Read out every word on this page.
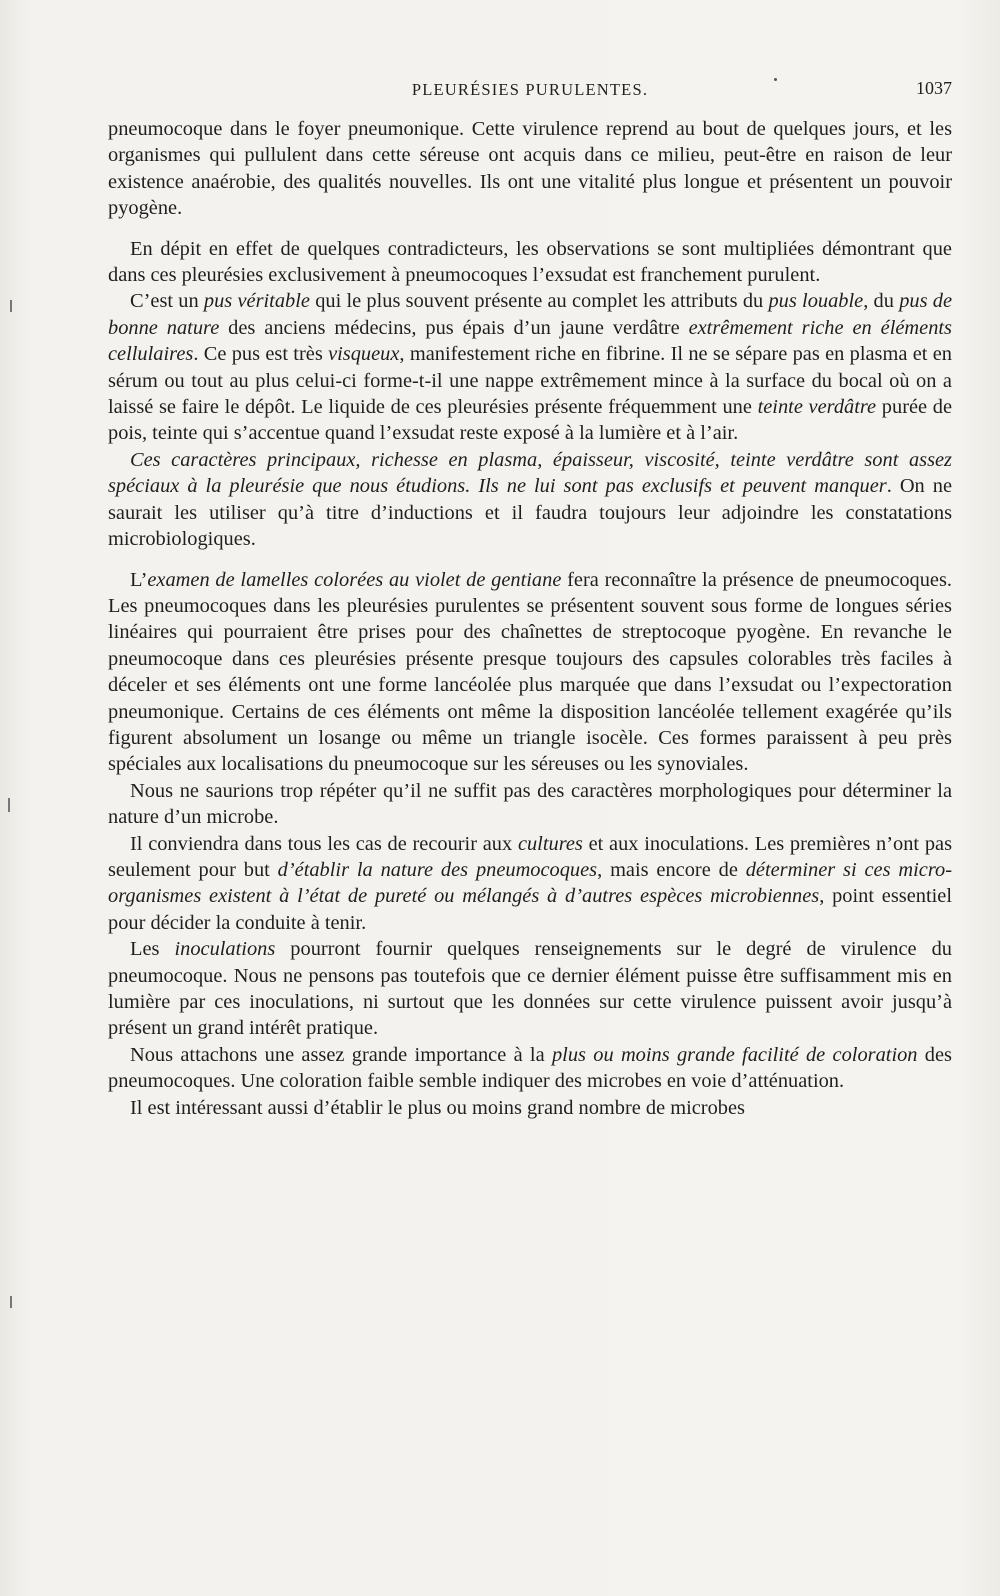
PLEURÉSIES PURULENTES.	1037

pneumocoque dans le foyer pneumonique. Cette virulence reprend au bout de quelques jours, et les organismes qui pullulent dans cette séreuse ont acquis dans ce milieu, peut-être en raison de leur existence anaérobie, des qualités nouvelles. Ils ont une vitalité plus longue et présentent un pouvoir pyogène.

En dépit en effet de quelques contradicteurs, les observations se sont multipliées démontrant que dans ces pleurésies exclusivement à pneumocoques l’exsudat est franchement purulent.

C’est un pus véritable qui le plus souvent présente au complet les attributs du pus louable, du pus de bonne nature des anciens médecins, pus épais d’un jaune verdâtre extrêmement riche en éléments cellulaires. Ce pus est très visqueux, manifestement riche en fibrine. Il ne se sépare pas en plasma et en sérum ou tout au plus celui-ci forme-t-il une nappe extrêmement mince à la surface du bocal où on a laissé se faire le dépôt. Le liquide de ces pleurésies présente fréquemment une teinte verdâtre purée de pois, teinte qui s’accentue quand l’exsudat reste exposé à la lumière et à l’air.

Ces caractères principaux, richesse en plasma, épaisseur, viscosité, teinte verdâtre sont assez spéciaux à la pleurésie que nous étudions. Ils ne lui sont pas exclusifs et peuvent manquer. On ne saurait les utiliser qu’à titre d’inductions et il faudra toujours leur adjoindre les constatations microbiologiques.

L’examen de lamelles colorées au violet de gentiane fera reconnaître la présence de pneumocoques. Les pneumocoques dans les pleurésies purulentes se présentent souvent sous forme de longues séries linéaires qui pourraient être prises pour des chaînettes de streptocoque pyogène. En revanche le pneumocoque dans ces pleurésies présente presque toujours des capsules colorables très faciles à déceler et ses éléments ont une forme lancéolée plus marquée que dans l’exsudat ou l’expectoration pneumonique. Certains de ces éléments ont même la disposition lancéolée tellement exagérée qu’ils figurent absolument un losange ou même un triangle isocèle. Ces formes paraissent à peu près spéciales aux localisations du pneumocoque sur les séreuses ou les synoviales.

Nous ne saurions trop répéter qu’il ne suffit pas des caractères morphologiques pour déterminer la nature d’un microbe.

Il conviendra dans tous les cas de recourir aux cultures et aux inoculations. Les premières n’ont pas seulement pour but d’établir la nature des pneumocoques, mais encore de déterminer si ces micro-organismes existent à l’état de pureté ou mélangés à d’autres espèces microbiennes, point essentiel pour décider la conduite à tenir.

Les inoculations pourront fournir quelques renseignements sur le degré de virulence du pneumocoque. Nous ne pensons pas toutefois que ce dernier élément puisse être suffisamment mis en lumière par ces inoculations, ni surtout que les données sur cette virulence puissent avoir jusqu’à présent un grand intérêt pratique.

Nous attachons une assez grande importance à la plus ou moins grande facilité de coloration des pneumocoques. Une coloration faible semble indiquer des microbes en voie d’atténuation.

Il est intéressant aussi d’établir le plus ou moins grand nombre de microbes
